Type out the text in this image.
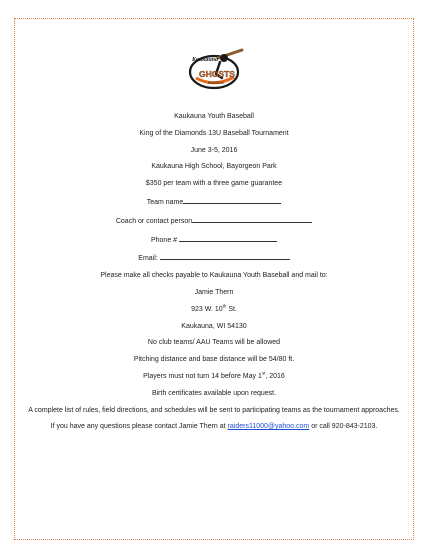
Kaukauna
GHOSTS
BASEBALL
Kaukauna Youth Baseball
King of the Diamonds 13U Baseball Tournament
June 3-5, 2016
Kaukauna High School, Bayorgeon Park
$350 per team with a three game guarantee
Team name
Coach or contact person
Phone #
Email:
Please make all checks payable to Kaukauna Youth Baseball and mail to:
Jamie Thern
923 W. 10th St.
Kaukauna, WI 54130
No club teams/ AAU Teams will be allowed
Pitching distance and base distance will be 54/80 ft.
Players must not turn 14 before May 1st, 2016
Birth certificates available upon request.
A complete list of rules, field directions, and schedules will be sent to participating teams as the tournament approaches.
If you have any questions please contact Jamie Thern at raiders11000@yahoo.com or call 920-843-2103.
